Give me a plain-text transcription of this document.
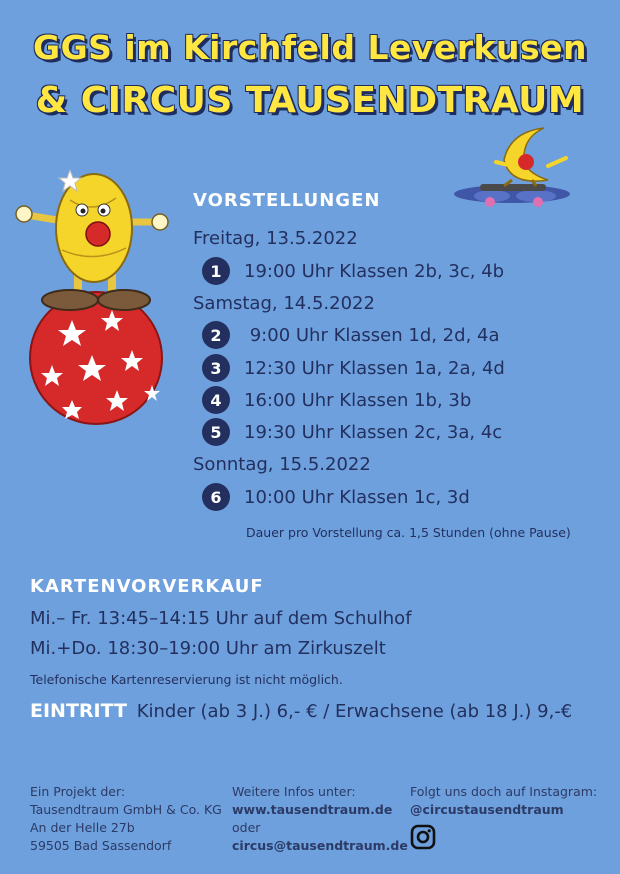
GGS im Kirchfeld Leverkusen
& CIRCUS TAUSENDTRAUM
VORSTELLUNGEN
Freitag, 13.5.2022
1	19:00 Uhr Klassen 2b, 3c, 4b
Samstag, 14.5.2022
2	9:00 Uhr Klassen 1d, 2d, 4a
3	12:30 Uhr Klassen 1a, 2a, 4d
4	16:00 Uhr Klassen 1b, 3b
5	19:30 Uhr Klassen 2c, 3a, 4c
Sonntag, 15.5.2022
6	10:00 Uhr Klassen 1c, 3d
Dauer pro Vorstellung ca. 1,5 Stunden (ohne Pause)
KARTENVORVERKAUF
Mi.– Fr. 13:45–14:15 Uhr auf dem Schulhof
Mi.+Do. 18:30–19:00 Uhr am Zirkuszelt
Telefonische Kartenreservierung ist nicht möglich.
EINTRITT Kinder (ab 3 J.) 6,- € / Erwachsene (ab 18 J.) 9,-€
Ein Projekt der:
Tausendtraum GmbH & Co. KG
An der Helle 27b
59505 Bad Sassendorf
Weitere Infos unter:
www.tausendtraum.de
oder
circus@tausendtraum.de
Folgt uns doch auf Instagram:
@circustausendtraum
